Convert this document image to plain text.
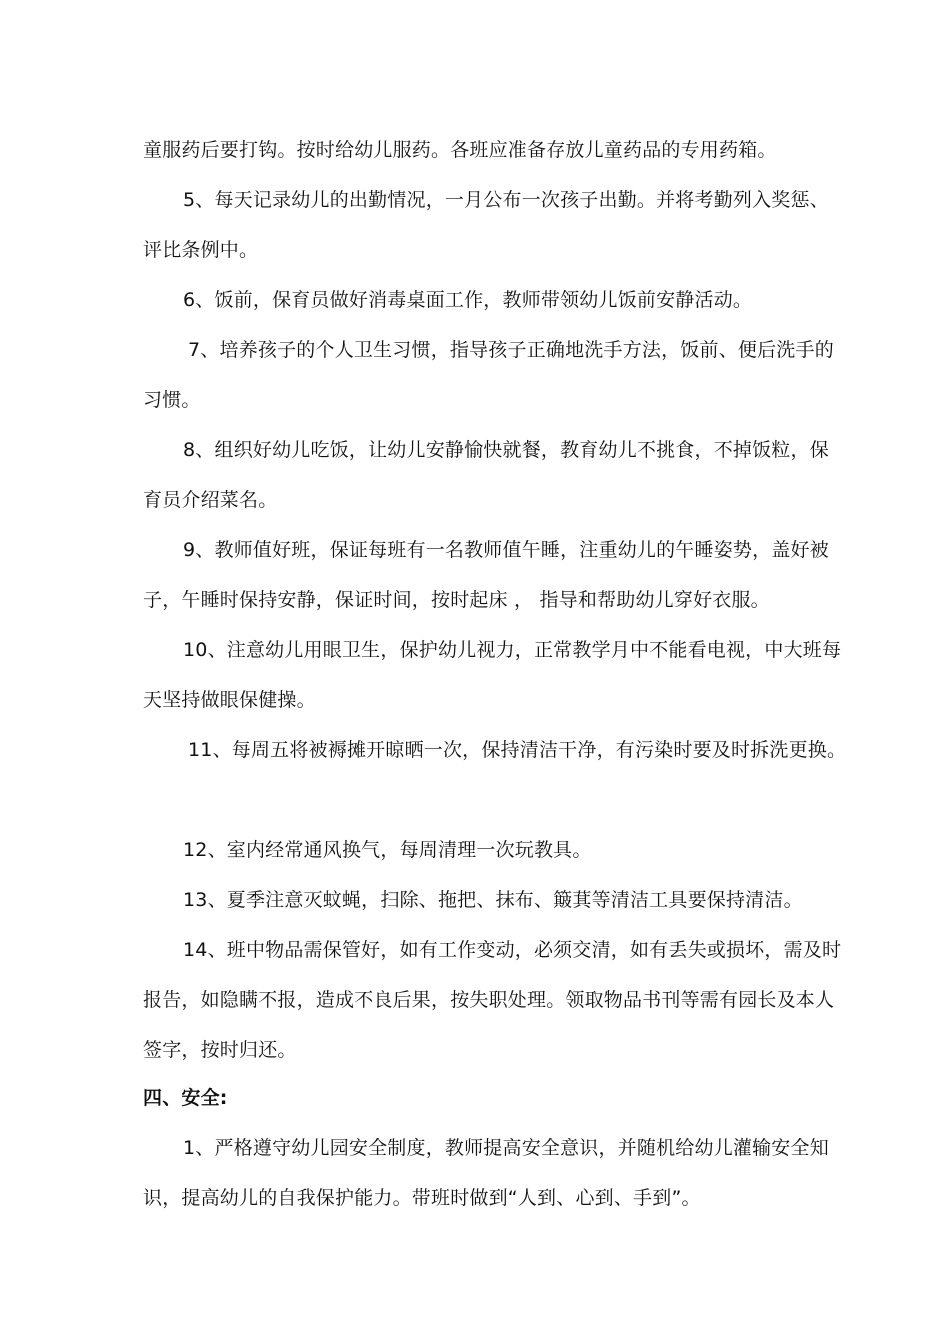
童服药后要打钩。按时给幼儿服药。各班应准备存放儿童药品的专用药箱。
5、每天记录幼儿的出勤情况，一月公布一次孩子出勤。并将考勤列入奖惩、
评比条例中。
6、饭前，保育员做好消毒桌面工作，教师带领幼儿饭前安静活动。
7、培养孩子的个人卫生习惯，指导孩子正确地洗手方法，饭前、便后洗手的
习惯。
8、组织好幼儿吃饭，让幼儿安静愉快就餐，教育幼儿不挑食，不掉饭粒，保
育员介绍菜名。
9、教师值好班，保证每班有一名教师值午睡，注重幼儿的午睡姿势，盖好被
子，午睡时保持安静，保证时间，按时起床 ， 指导和帮助幼儿穿好衣服。
10、注意幼儿用眼卫生，保护幼儿视力，正常教学月中不能看电视，中大班每
天坚持做眼保健操。
11、每周五将被褥摊开晾晒一次，保持清洁干净，有污染时要及时拆洗更换。
12、室内经常通风换气，每周清理一次玩教具。
13、夏季注意灭蚊蝇，扫除、拖把、抹布、簸萁等清洁工具要保持清洁。
14、班中物品需保管好，如有工作变动，必须交清，如有丢失或损坏，需及时
报告，如隐瞒不报，造成不良后果，按失职处理。领取物品书刊等需有园长及本人
签字，按时归还。
四、安全:
1、严格遵守幼儿园安全制度，教师提高安全意识，并随机给幼儿灌输安全知
识，提高幼儿的自我保护能力。带班时做到“人到、心到、手到”。
